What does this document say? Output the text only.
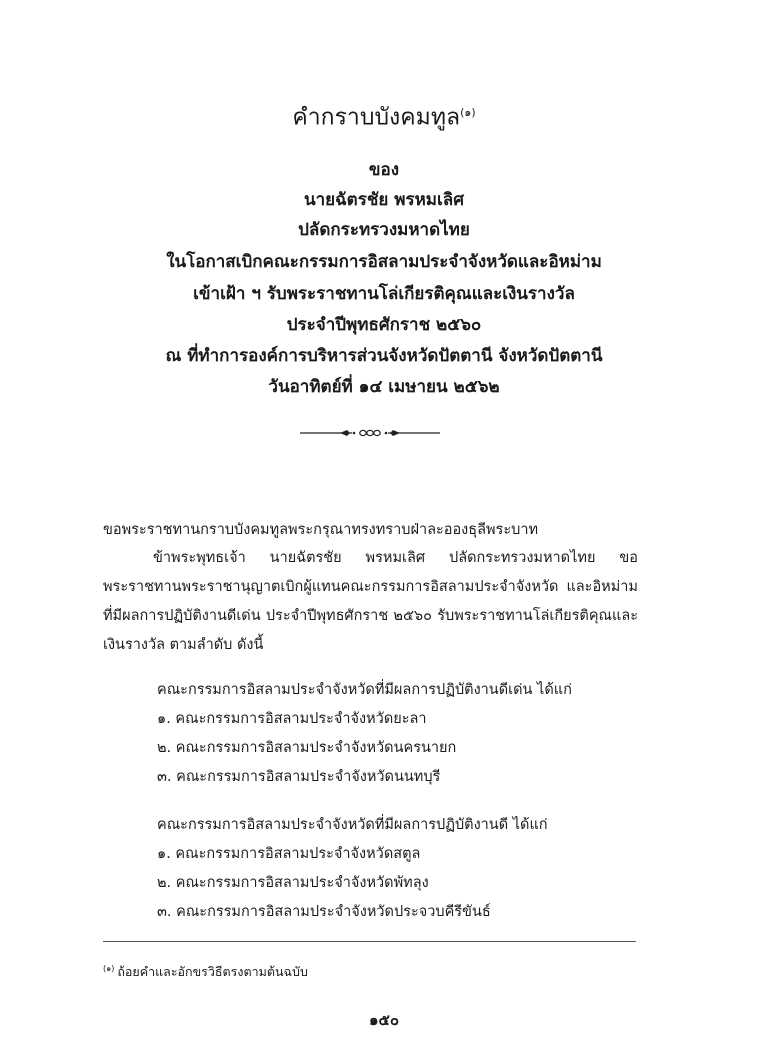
คำกราบบังคมทูล$^{(๑)}$
ของ
นายฉัตรชัย พรหมเลิศ
ปลัดกระทรวงมหาดไทย
ในโอกาสเบิกคณะกรรมการอิสลามประจำจังหวัดและอิหม่าม
เข้าเฝ้า ฯ รับพระราชทานโล่เกียรติคุณและเงินรางวัล
ประจำปีพุทธศักราช ๒๕๖๐
ณ ที่ทำการองค์การบริหารส่วนจังหวัดปัตตานี จังหวัดปัตตานี
วันอาทิตย์ที่ ๑๔ เมษายน ๒๕๖๒
ขอพระราชทานกราบบังคมทูลพระกรุณาทรงทราบฝ่าละอองธุลีพระบาท
ข้าพระพุทธเจ้า นายฉัตรชัย พรหมเลิศ ปลัดกระทรวงมหาดไทย ขอพระราชทานพระราชานุญาตเบิกผู้แทนคณะกรรมการอิสลามประจำจังหวัด และอิหม่ามที่มีผลการปฏิบัติงานดีเด่น ประจำปีพุทธศักราช ๒๕๖๐ รับพระราชทานโล่เกียรติคุณและเงินรางวัล ตามลำดับ ดังนี้
คณะกรรมการอิสลามประจำจังหวัดที่มีผลการปฏิบัติงานดีเด่น ได้แก่
๑. คณะกรรมการอิสลามประจำจังหวัดยะลา
๒. คณะกรรมการอิสลามประจำจังหวัดนครนายก
๓. คณะกรรมการอิสลามประจำจังหวัดนนทบุรี
คณะกรรมการอิสลามประจำจังหวัดที่มีผลการปฏิบัติงานดี ได้แก่
๑. คณะกรรมการอิสลามประจำจังหวัดสตูล
๒. คณะกรรมการอิสลามประจำจังหวัดพัทลุง
๓. คณะกรรมการอิสลามประจำจังหวัดประจวบคีรีขันธ์
$^{(๑)}$ ถ้อยคำและอักขรวิธีตรงตามต้นฉบับ
๑๕๐
